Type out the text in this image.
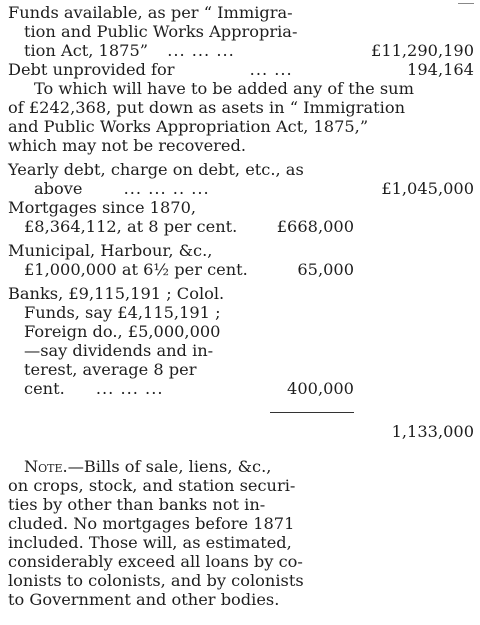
Funds available, as per “ Immigra-
tion and Public Works Appropria-
tion Act, 1875” ... ... ...	£11,290,190
Debt unprovided for	... ...	194,164
To which will have to be added any of the sum
of £242,368, put down as asets in “ Immigration
and Public Works Appropriation Act, 1875,”
which may not be recovered.
Yearly debt, charge on debt, etc., as
above	... ... .. ...	£1,045,000
Mortgages since 1870,
£8,364,112, at 8 per cent. £668,000
Municipal, Harbour, &c.,
£1,000,000 at 6½ per cent.	65,000
Banks, £9,115,191 ; Colol.
Funds, say £4,115,191 ;
Foreign do., £5,000,000
—say dividends and in-
terest, average 8 per
cent. ... ... ...	400,000
1,133,000
Note.—Bills of sale, liens, &c.,
on crops, stock, and station securi-
ties by other than banks not in-
cluded. No mortgages before 1871
included. Those will, as estimated,
considerably exceed all loans by co-
lonists to colonists, and by colonists
to Government and other bodies.
